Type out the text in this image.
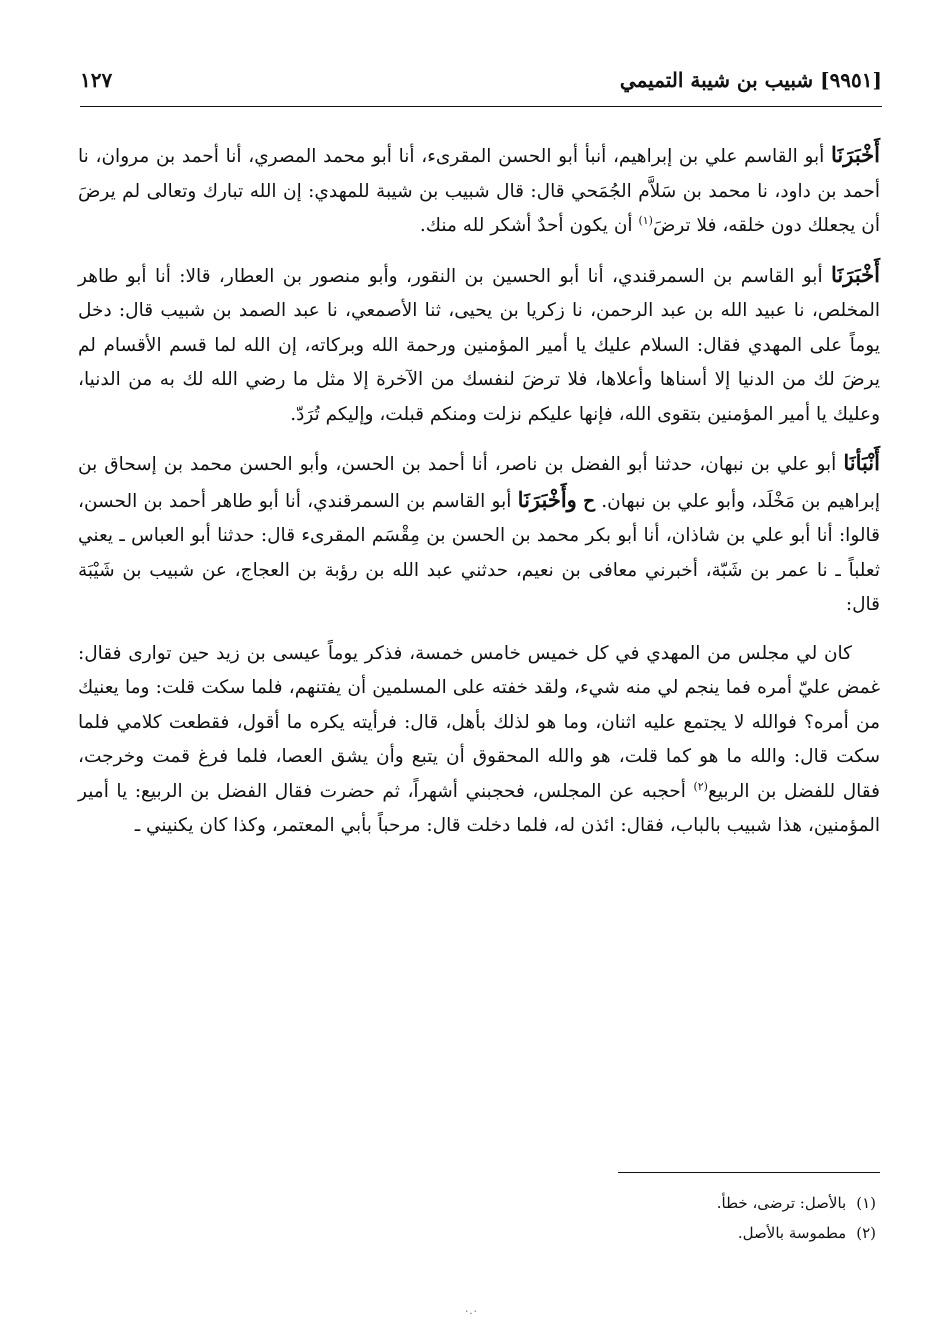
[٩٩٥١] شبيب بن شيبة التميمي
١٢٧

أَخْبَرَنَا أبو القاسم علي بن إبراهيم، أنبأ أبو الحسن المقرىء، أنا أبو محمد المصري، أنا أحمد بن مروان، نا أحمد بن داود، نا محمد بن سَلاَّم الجُمَحي قال: قال شبيب بن شيبة للمهدي: إن الله تبارك وتعالى لم يرضَ أن يجعلك دون خلقه، فلا ترضَ$^{(١)}$ أن يكون أحدٌ أشكر لله منك.

أَخْبَرَنَا أبو القاسم بن السمرقندي، أنا أبو الحسين بن النقور، وأبو منصور بن العطار، قالا: أنا أبو طاهر المخلص، نا عبيد الله بن عبد الرحمن، نا زكريا بن يحيى، ثنا الأصمعي، نا عبد الصمد بن شبيب قال: دخل يوماً على المهدي فقال: السلام عليك يا أمير المؤمنين ورحمة الله وبركاته، إن الله لما قسم الأقسام لم يرضَ لك من الدنيا إلا أسناها وأعلاها، فلا ترضَ لنفسك من الآخرة إلا مثل ما رضي الله لك به من الدنيا، وعليك يا أمير المؤمنين بتقوى الله، فإنها عليكم نزلت ومنكم قبلت، وإليكم تُرَدّ.

أَنْبَأنَا أبو علي بن نبهان، حدثنا أبو الفضل بن ناصر، أنا أحمد بن الحسن، وأبو الحسن محمد بن إسحاق بن إبراهيم بن مَخْلَد، وأبو علي بن نبهان. ح وأَخْبَرَنَا أبو القاسم بن السمرقندي، أنا أبو طاهر أحمد بن الحسن، قالوا: أنا أبو علي بن شاذان، أنا أبو بكر محمد بن الحسن بن مِقْسَم المقرىء قال: حدثنا أبو العباس ـ يعني ثعلباً ـ نا عمر بن شَبّة، أخبرني معافى بن نعيم، حدثني عبد الله بن رؤبة بن العجاج، عن شبيب بن شَيْبَة قال:

كان لي مجلس من المهدي في كل خميس خامس خمسة، فذكر يوماً عيسى بن زيد حين توارى فقال: غمض عليّ أمره فما ينجم لي منه شيء، ولقد خفته على المسلمين أن يفتنهم، فلما سكت قلت: وما يعنيك من أمره؟ فوالله لا يجتمع عليه اثنان، وما هو لذلك بأهل، قال: فرأيته يكره ما أقول، فقطعت كلامي فلما سكت قال: والله ما هو كما قلت، هو والله المحقوق أن يتبع وأن يشق العصا، فلما فرغ قمت وخرجت، فقال للفضل بن الربيع$^{(٢)}$ أحجبه عن المجلس، فحجبني أشهراً، ثم حضرت فقال الفضل بن الربيع: يا أمير المؤمنين، هذا شبيب بالباب، فقال: ائذن له، فلما دخلت قال: مرحباً بأبي المعتمر، وكذا كان يكنيني ـ

(١)بالأصل: ترضى، خطأ.
(٢)مطموسة بالأصل.
٠.٠
